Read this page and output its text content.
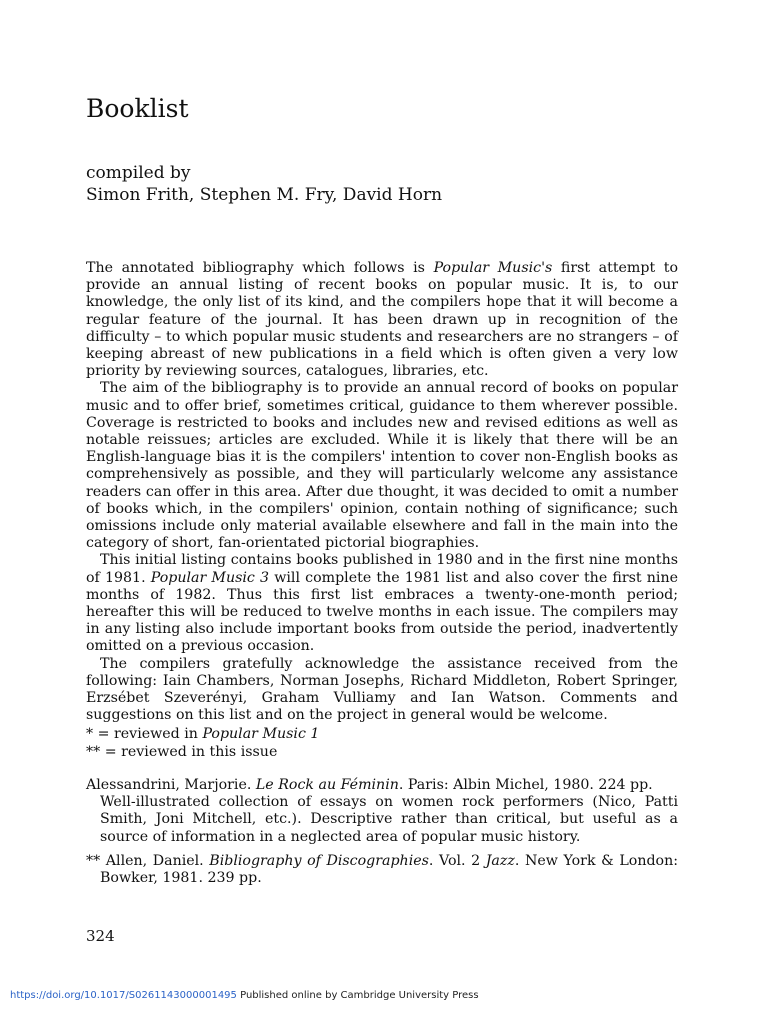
Booklist
compiled by
Simon Frith, Stephen M. Fry, David Horn

The annotated bibliography which follows is Popular Music's first attempt to provide an annual listing of recent books on popular music. It is, to our knowledge, the only list of its kind, and the compilers hope that it will become a regular feature of the journal. It has been drawn up in recognition of the difficulty – to which popular music students and researchers are no strangers – of keeping abreast of new publications in a field which is often given a very low priority by reviewing sources, catalogues, libraries, etc.

The aim of the bibliography is to provide an annual record of books on popular music and to offer brief, sometimes critical, guidance to them wherever possible. Coverage is restricted to books and includes new and revised editions as well as notable reissues; articles are excluded. While it is likely that there will be an English-language bias it is the compilers' intention to cover non-English books as comprehensively as possible, and they will particularly welcome any assistance readers can offer in this area. After due thought, it was decided to omit a number of books which, in the compilers' opinion, contain nothing of significance; such omissions include only material available elsewhere and fall in the main into the category of short, fan-orientated pictorial biographies.

This initial listing contains books published in 1980 and in the first nine months of 1981. Popular Music 3 will complete the 1981 list and also cover the first nine months of 1982. Thus this first list embraces a twenty-one-month period; hereafter this will be reduced to twelve months in each issue. The compilers may in any listing also include important books from outside the period, inadvertently omitted on a previous occasion.

The compilers gratefully acknowledge the assistance received from the following: Iain Chambers, Norman Josephs, Richard Middleton, Robert Springer, Erzsébet Szeverényi, Graham Vulliamy and Ian Watson. Comments and suggestions on this list and on the project in general would be welcome.

* = reviewed in Popular Music 1
** = reviewed in this issue
Alessandrini, Marjorie. Le Rock au Féminin. Paris: Albin Michel, 1980. 224 pp.
Well-illustrated collection of essays on women rock performers (Nico, Patti Smith, Joni Mitchell, etc.). Descriptive rather than critical, but useful as a source of information in a neglected area of popular music history.
** Allen, Daniel. Bibliography of Discographies. Vol. 2 Jazz. New York & London: Bowker, 1981. 239 pp.
324
https://doi.org/10.1017/S0261143000001495 Published online by Cambridge University Press
